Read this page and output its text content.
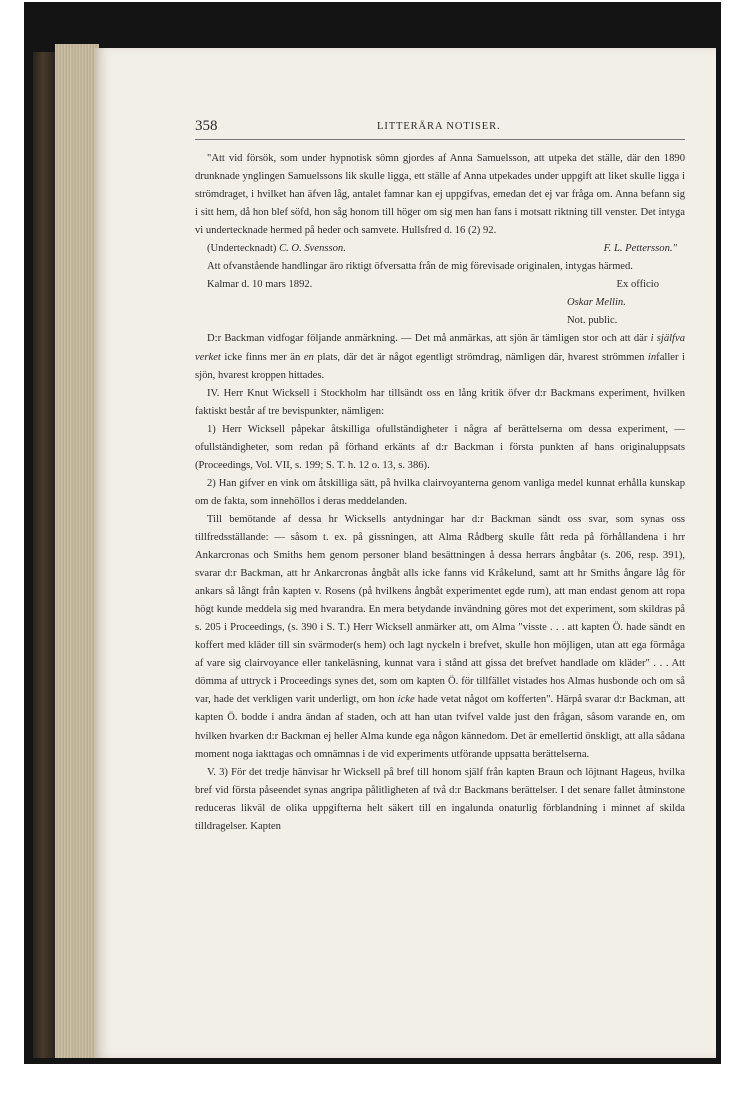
358	LITTERÄRA NOTISER.

"Att vid försök, som under hypnotisk sömn gjordes af Anna Samuelsson, att utpeka det ställe, där den 1890 drunknade ynglingen Samuelssons lik skulle ligga, ett ställe af Anna utpekades under uppgift att liket skulle ligga i strömdraget, i hvilket han äfven låg, antalet famnar kan ej uppgifvas, emedan det ej var fråga om. Anna befann sig i sitt hem, då hon blef söfd, hon såg honom till höger om sig men han fans i motsatt riktning till venster. Det intyga vi undertecknade hermed på heder och samvete. Hullsfred d. 16 (2) 92.

(Undertecknadt) C. O. Svensson.	F. L. Pettersson."

Att ofvanstående handlingar äro riktigt öfversatta från de mig förevisade originalen, intygas härmed.

Kalmar d. 10 mars 1892.	Ex officio
Oskar Mellin.
Not. public.

D:r Backman vidfogar följande anmärkning. — Det må anmärkas, att sjön är tämligen stor och att där i själfva verket icke finns mer än en plats, där det är något egentligt strömdrag, nämligen där, hvarest strömmen infaller i sjön, hvarest kroppen hittades.

IV. Herr Knut Wicksell i Stockholm har tillsändt oss en lång kritik öfver d:r Backmans experiment, hvilken faktiskt består af tre bevispunkter, nämligen:

1) Herr Wicksell påpekar åtskilliga ofullständigheter i några af berättelserna om dessa experiment, — ofullständigheter, som redan på förhand erkänts af d:r Backman i första punkten af hans originaluppsats (Proceedings, Vol. VII, s. 199; S. T. h. 12 o. 13, s. 386).

2) Han gifver en vink om åtskilliga sätt, på hvilka clairvoyanterna genom vanliga medel kunnat erhålla kunskap om de fakta, som innehöllos i deras meddelanden.

Till bemötande af dessa hr Wicksells antydningar har d:r Backman sändt oss svar, som synas oss tillfredsställande: — såsom t. ex. på gissningen, att Alma Rådberg skulle fått reda på förhållandena i hrr Ankarcronas och Smiths hem genom personer bland besättningen å dessa herrars ångbåtar (s. 206, resp. 391), svarar d:r Backman, att hr Ankarcronas ångbåt alls icke fanns vid Kråkelund, samt att hr Smiths ångare låg för ankars så långt från kapten v. Rosens (på hvilkens ångbåt experimentet egde rum), att man endast genom att ropa högt kunde meddela sig med hvarandra. En mera betydande invändning göres mot det experiment, som skildras på s. 205 i Proceedings, (s. 390 i S. T.) Herr Wicksell anmärker att, om Alma "visste . . . att kapten Ö. hade sändt en koffert med kläder till sin svärmoder(s hem) och lagt nyckeln i brefvet, skulle hon möjligen, utan att ega förmåga af vare sig clairvoyance eller tankeläsning, kunnat vara i stånd att gissa det brefvet handlade om kläder" . . . Att dömma af uttryck i Proceedings synes det, som om kapten Ö. för tillfället vistades hos Almas husbonde och om så var, hade det verkligen varit underligt, om hon icke hade vetat något om kofferten". Härpå svarar d:r Backman, att kapten Ö. bodde i andra ändan af staden, och att han utan tvifvel valde just den frågan, såsom varande en, om hvilken hvarken d:r Backman ej heller Alma kunde ega någon kännedom. Det är emellertid önskligt, att alla sådana moment noga iakttagas och omnämnas i de vid experiments utförande uppsatta berättelserna.

V. 3) För det tredje hänvisar hr Wicksell på bref till honom själf från kapten Braun och löjtnant Hageus, hvilka bref vid första påseendet synas angripa pålitligheten af två d:r Backmans berättelser. I det senare fallet åtminstone reduceras likväl de olika uppgifterna helt säkert till en ingalunda onaturlig förblandning i minnet af skilda tilldragelser. Kapten
